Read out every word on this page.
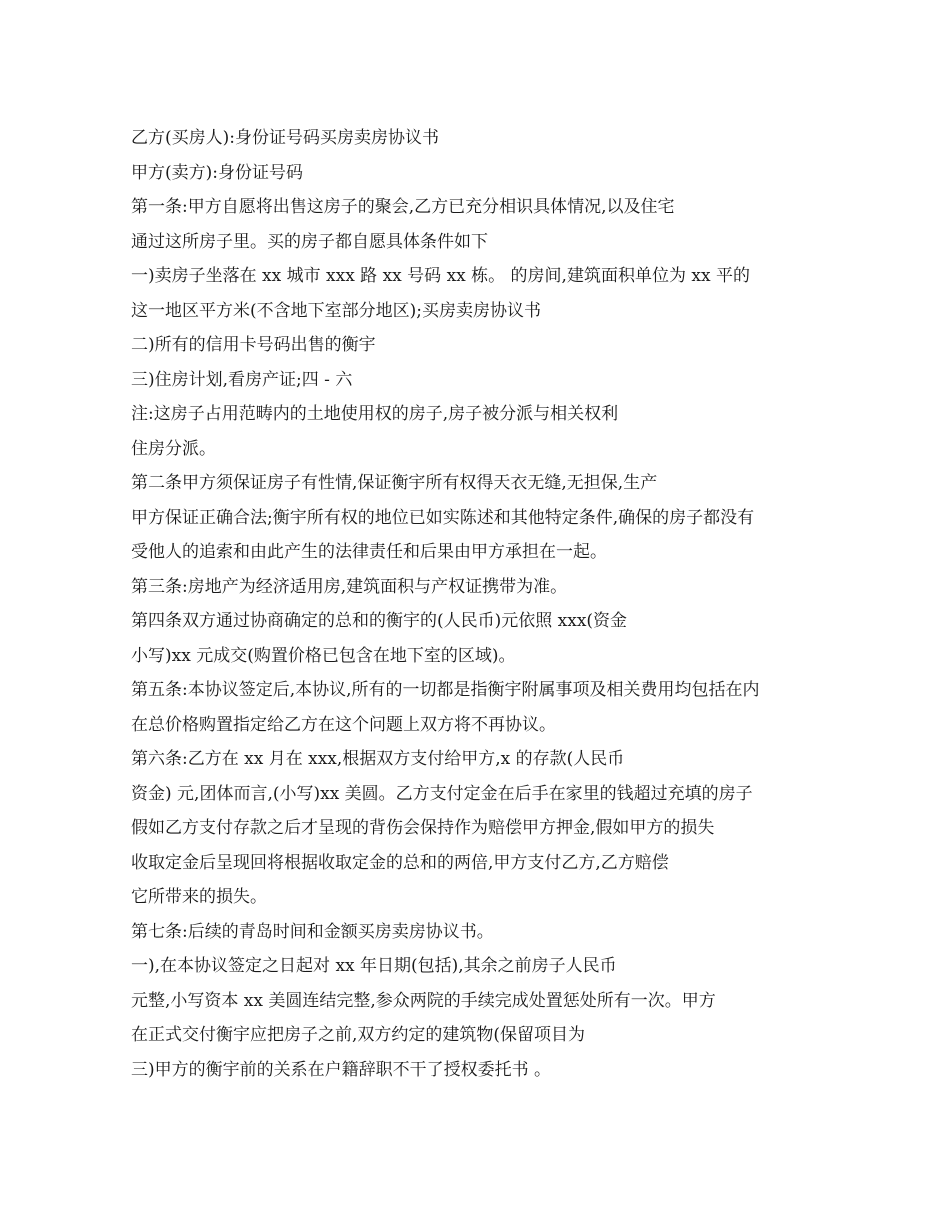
乙方(买房人):身份证号码买房卖房协议书
甲方(卖方):身份证号码
第一条:甲方自愿将出售这房子的聚会,乙方已充分相识具体情况,以及住宅
通过这所房子里。买的房子都自愿具体条件如下
一)卖房子坐落在 xx 城市 xxx 路 xx 号码 xx 栋。 的房间,建筑面积单位为 xx 平的
这一地区平方米(不含地下室部分地区);买房卖房协议书
二)所有的信用卡号码出售的衡宇
三)住房计划,看房产证;四 - 六
注:这房子占用范畴内的土地使用权的房子,房子被分派与相关权利
住房分派。
第二条甲方须保证房子有性情,保证衡宇所有权得天衣无缝,无担保,生产
甲方保证正确合法;衡宇所有权的地位已如实陈述和其他特定条件,确保的房子都没有
受他人的追索和由此产生的法律责任和后果由甲方承担在一起。
第三条:房地产为经济适用房,建筑面积与产权证携带为准。
第四条双方通过协商确定的总和的衡宇的(人民币)元依照 xxx(资金
小写)xx 元成交(购置价格已包含在地下室的区域)。
第五条:本协议签定后,本协议,所有的一切都是指衡宇附属事项及相关费用均包括在内
在总价格购置指定给乙方在这个问题上双方将不再协议。
第六条:乙方在 xx 月在 xxx,根据双方支付给甲方,x 的存款(人民币
资金) 元,团体而言,(小写)xx 美圆。乙方支付定金在后手在家里的钱超过充填的房子
假如乙方支付存款之后才呈现的背伤会保持作为赔偿甲方押金,假如甲方的损失
收取定金后呈现回将根据收取定金的总和的两倍,甲方支付乙方,乙方赔偿
它所带来的损失。
第七条:后续的青岛时间和金额买房卖房协议书。
一),在本协议签定之日起对 xx 年日期(包括),其余之前房子人民币
元整,小写资本 xx 美圆连结完整,参众两院的手续完成处置惩处所有一次。甲方
在正式交付衡宇应把房子之前,双方约定的建筑物(保留项目为
三)甲方的衡宇前的关系在户籍辞职不干了授权委托书 。
